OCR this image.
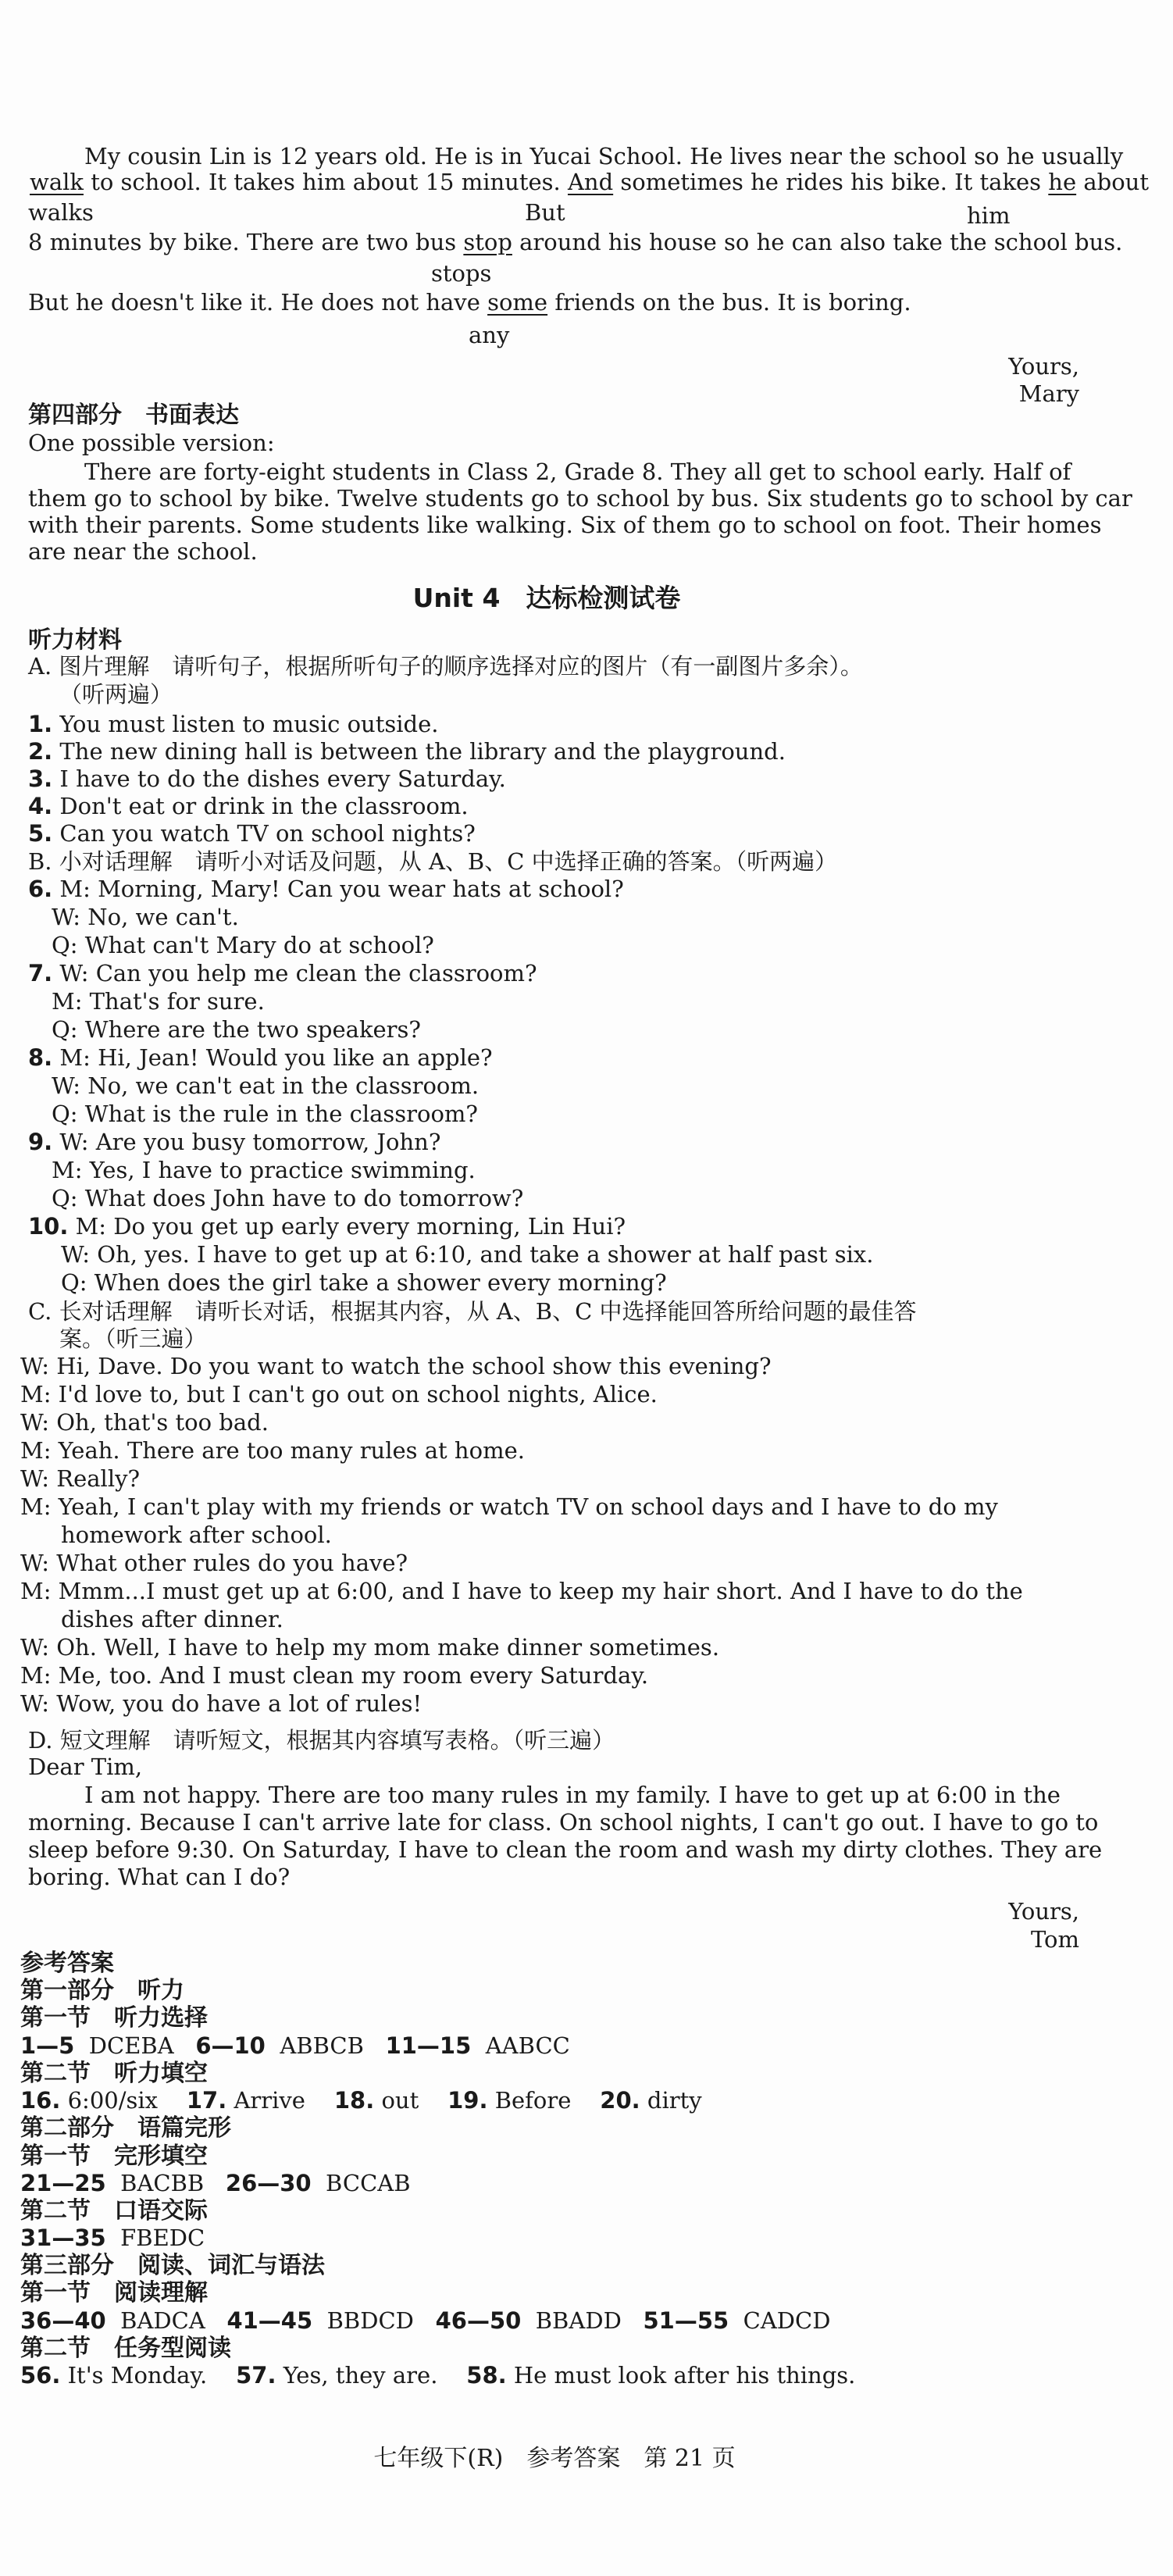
My cousin Lin is 12 years old. He is in Yucai School. He lives near the school so he usually
walk to school. It takes him about 15 minutes. And sometimes he rides his bike. It takes he about
walks	But	him
8 minutes by bike. There are two bus stop around his house so he can also take the school bus.
stops
But he doesn't like it. He does not have some friends on the bus. It is boring.
any
Yours,
Mary
第四部分　书面表达
One possible version:
There are forty-eight students in Class 2, Grade 8. They all get to school early. Half of
them go to school by bike. Twelve students go to school by bus. Six students go to school by car
with their parents. Some students like walking. Six of them go to school on foot. Their homes
are near the school.
Unit 4　达标检测试卷
听力材料
A. 图片理解　请听句子，根据所听句子的顺序选择对应的图片（有一副图片多余）。
（听两遍）
1. You must listen to music outside.
2. The new dining hall is between the library and the playground.
3. I have to do the dishes every Saturday.
4. Don't eat or drink in the classroom.
5. Can you watch TV on school nights?
B. 小对话理解　请听小对话及问题，从 A、B、C 中选择正确的答案。（听两遍）
6. M: Morning, Mary! Can you wear hats at school?
W: No, we can't.
Q: What can't Mary do at school?
7. W: Can you help me clean the classroom?
M: That's for sure.
Q: Where are the two speakers?
8. M: Hi, Jean! Would you like an apple?
W: No, we can't eat in the classroom.
Q: What is the rule in the classroom?
9. W: Are you busy tomorrow, John?
M: Yes, I have to practice swimming.
Q: What does John have to do tomorrow?
10. M: Do you get up early every morning, Lin Hui?
W: Oh, yes. I have to get up at 6:10, and take a shower at half past six.
Q: When does the girl take a shower every morning?
C. 长对话理解　请听长对话，根据其内容，从 A、B、C 中选择能回答所给问题的最佳答
案。（听三遍）
W: Hi, Dave. Do you want to watch the school show this evening?
M: I'd love to, but I can't go out on school nights, Alice.
W: Oh, that's too bad.
M: Yeah. There are too many rules at home.
W: Really?
M: Yeah, I can't play with my friends or watch TV on school days and I have to do my
homework after school.
W: What other rules do you have?
M: Mmm...I must get up at 6:00, and I have to keep my hair short. And I have to do the
dishes after dinner.
W: Oh. Well, I have to help my mom make dinner sometimes.
M: Me, too. And I must clean my room every Saturday.
W: Wow, you do have a lot of rules!
D. 短文理解　请听短文，根据其内容填写表格。（听三遍）
Dear Tim,
I am not happy. There are too many rules in my family. I have to get up at 6:00 in the
morning. Because I can't arrive late for class. On school nights, I can't go out. I have to go to
sleep before 9:30. On Saturday, I have to clean the room and wash my dirty clothes. They are
boring. What can I do?
Yours,
Tom
参考答案
第一部分　听力
第一节　听力选择
1—5 DCEBA 6—10 ABBCB 11—15 AABCC
第二节　听力填空
16. 6:00/six 17. Arrive 18. out 19. Before 20. dirty
第二部分　语篇完形
第一节　完形填空
21—25 BACBB 26—30 BCCAB
第二节　口语交际
31—35 FBEDC
第三部分　阅读、词汇与语法
第一节　阅读理解
36—40 BADCA 41—45 BBDCD 46—50 BBADD 51—55 CADCD
第二节　任务型阅读
56. It's Monday. 57. Yes, they are. 58. He must look after his things.
七年级下(R)　参考答案　第 21 页
